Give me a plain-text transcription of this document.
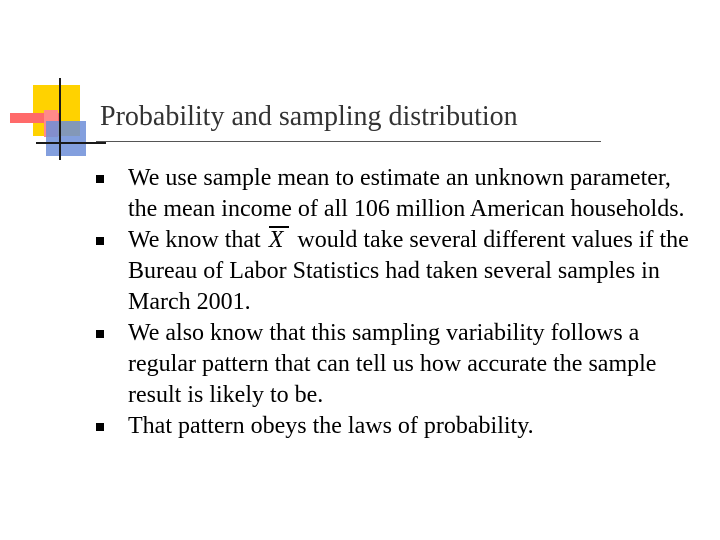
Probability and sampling distribution
We use sample mean to estimate an unknown parameter, the mean income of all 106 million American households.
We know that X would take several different values if the Bureau of Labor Statistics had taken several samples in March 2001.
We also know that this sampling variability follows a regular pattern that can tell us how accurate the sample result is likely to be.
That pattern obeys the laws of probability.
